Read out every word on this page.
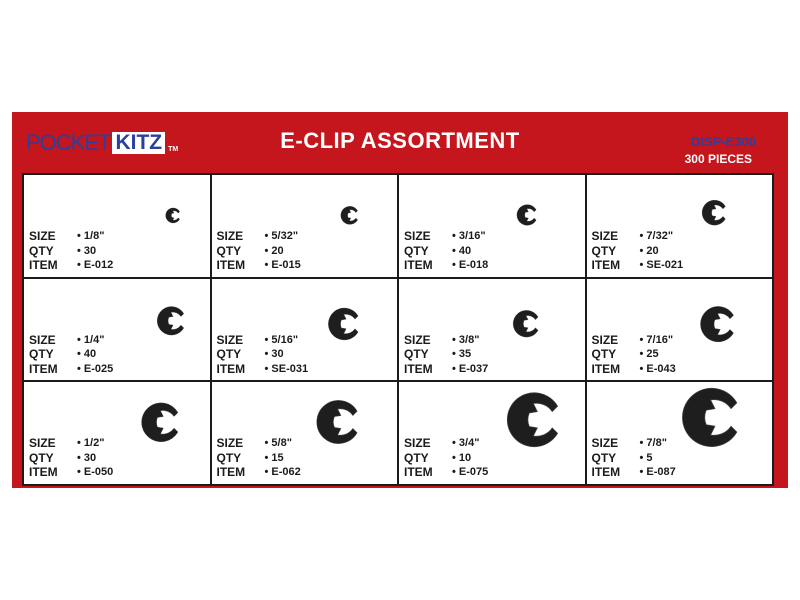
POCKET KITZ TM	E-CLIP ASSORTMENT	DISP-E300
300 PIECES
SIZE	• 1/8"
QTY	• 30
ITEM	• E-012
SIZE	• 5/32"
QTY	• 20
ITEM	• E-015
SIZE	• 3/16"
QTY	• 40
ITEM	• E-018
SIZE	• 7/32"
QTY	• 20
ITEM	• SE-021
SIZE	• 1/4"
QTY	• 40
ITEM	• E-025
SIZE	• 5/16"
QTY	• 30
ITEM	• SE-031
SIZE	• 3/8"
QTY	• 35
ITEM	• E-037
SIZE	• 7/16"
QTY	• 25
ITEM	• E-043
SIZE	• 1/2"
QTY	• 30
ITEM	• E-050
SIZE	• 5/8"
QTY	• 15
ITEM	• E-062
SIZE	• 3/4"
QTY	• 10
ITEM	• E-075
SIZE	• 7/8"
QTY	• 5
ITEM	• E-087
